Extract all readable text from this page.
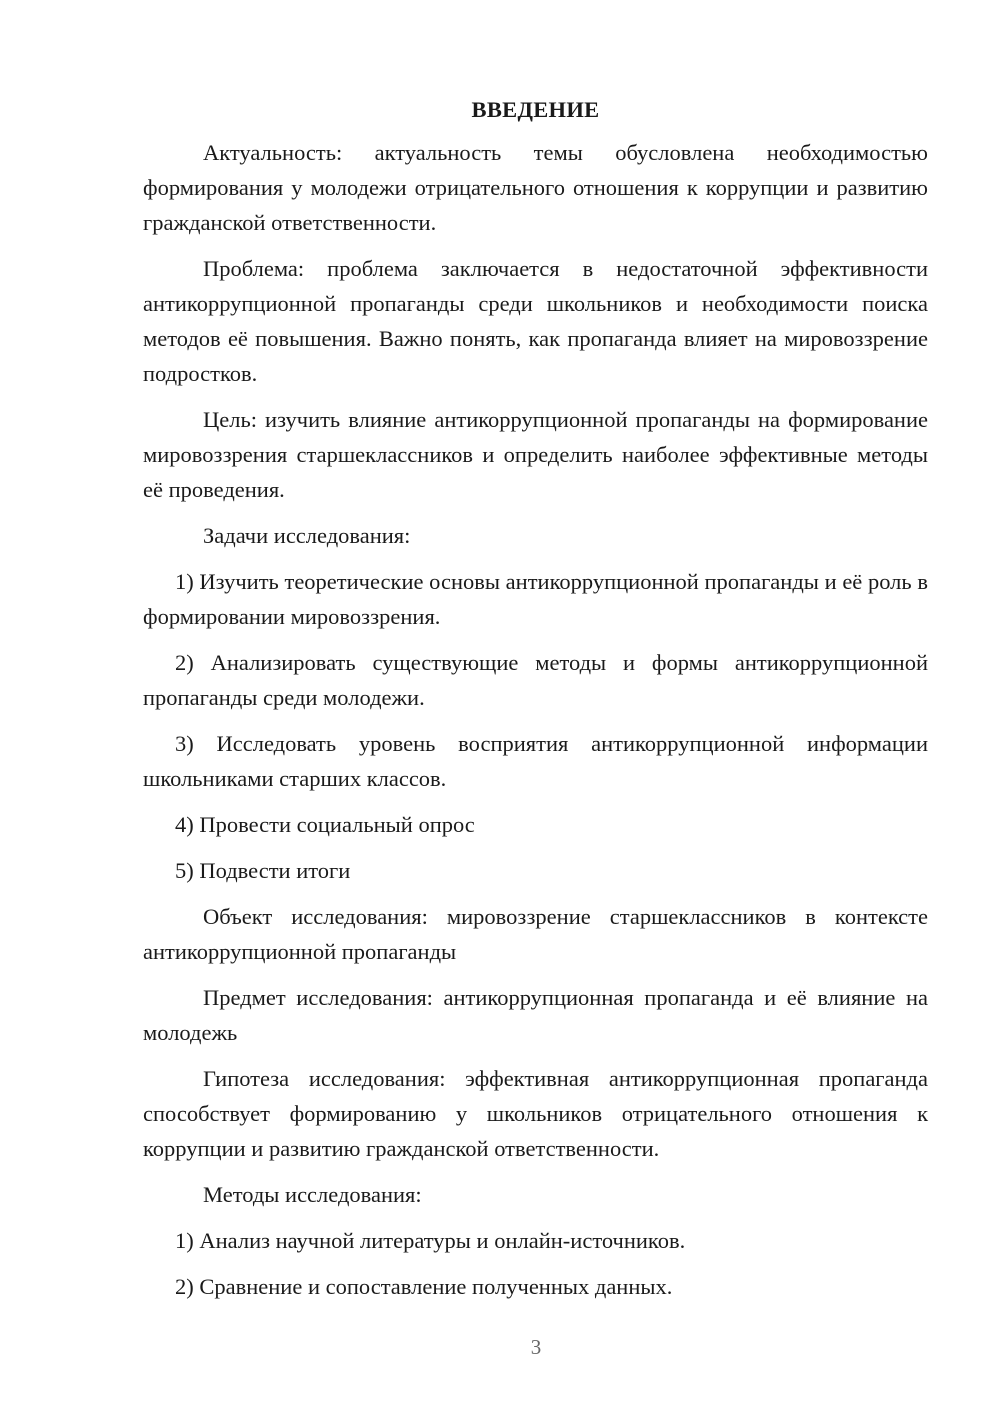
ВВЕДЕНИЕ

Актуальность: актуальность темы обусловлена необходимостью формирования у молодежи отрицательного отношения к коррупции и развитию гражданской ответственности.

Проблема: проблема заключается в недостаточной эффективности антикоррупционной пропаганды среди школьников и необходимости поиска методов её повышения. Важно понять, как пропаганда влияет на мировоззрение подростков.

Цель: изучить влияние антикоррупционной пропаганды на формирование мировоззрения старшеклассников и определить наиболее эффективные методы её проведения.

Задачи исследования:

1) Изучить теоретические основы антикоррупционной пропаганды и её роль в формировании мировоззрения.

2) Анализировать существующие методы и формы антикоррупционной пропаганды среди молодежи.

3) Исследовать уровень восприятия антикоррупционной информации школьниками старших классов.

4) Провести социальный опрос

5) Подвести итоги

Объект исследования: мировоззрение старшеклассников в контексте антикоррупционной пропаганды

Предмет исследования: антикоррупционная пропаганда и её влияние на молодежь

Гипотеза исследования: эффективная антикоррупционная пропаганда способствует формированию у школьников отрицательного отношения к коррупции и развитию гражданской ответственности.

Методы исследования:

1) Анализ научной литературы и онлайн-источников.

2) Сравнение и сопоставление полученных данных.

3
